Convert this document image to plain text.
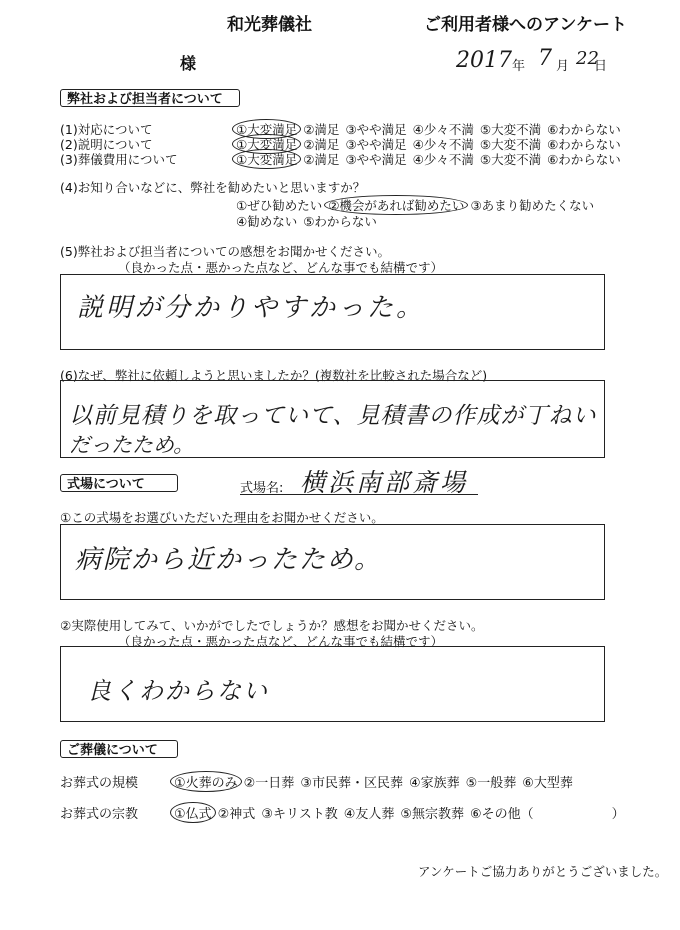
和光葬儀社	ご利用者様へのアンケート
様	2017 年 7 月 22
日
弊社および担当者について
(1)対応について	①大変満足 ②満足 ③やや満足 ④少々不満 ⑤大変不満 ⑥わからない
(2)説明について	①大変満足 ②満足 ③やや満足 ④少々不満 ⑤大変不満 ⑥わからない
(3)葬儀費用について	①大変満足 ②満足 ③やや満足 ④少々不満 ⑤大変不満 ⑥わからない
(4)お知り合いなどに、弊社を勧めたいと思いますか？
①ぜひ勧めたい ②機会があれば勧めたい ③あまり勧めたくない
④勧めない ⑤わからない
(5)弊社および担当者についての感想をお聞かせください。
（良かった点・悪かった点など、どんな事でも結構です）
説明が分かりやすかった。
(6)なぜ、弊社に依頼しようと思いましたか？(複数社を比較された場合など)
以前見積りを取っていて、見積書の作成が丁ねい
だったため。
式場について	式場名: 横浜南部斎場
①この式場をお選びいただいた理由をお聞かせください。
病院から近かったため。
②実際使用してみて、いかがでしたでしょうか？感想をお聞かせください。
（良かった点・悪かった点など、どんな事でも結構です）
良くわからない
ご葬儀について
お葬式の規模	①火葬のみ ②一日葬 ③市民葬・区民葬 ④家族葬 ⑤一般葬 ⑥大型葬
お葬式の宗教	①仏式 ②神式 ③キリスト教 ④友人葬 ⑤無宗教葬 ⑥その他（　　　　　　）
アンケートご協力ありがとうございました。
